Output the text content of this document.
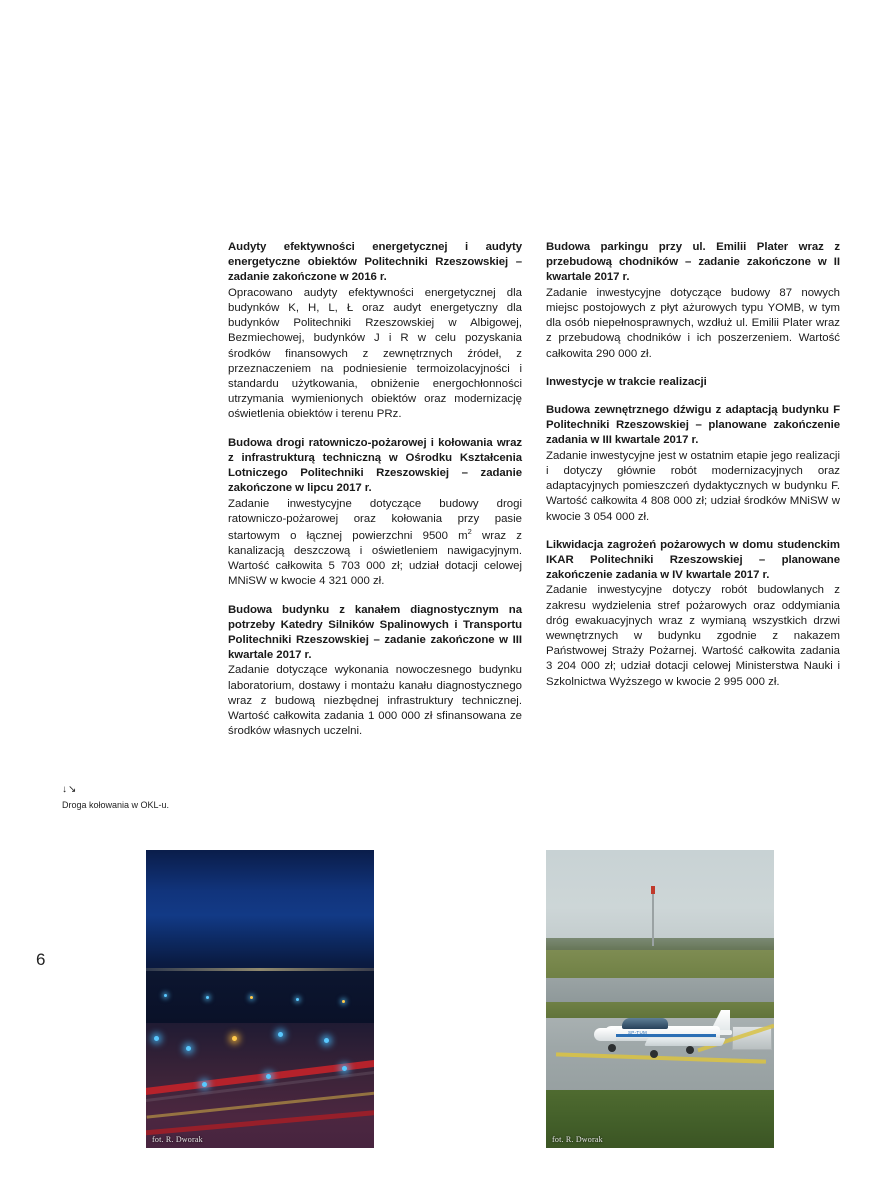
6
↓↘
Droga kołowania w OKL-u.

Audyty efektywności energetycznej i audyty energetyczne obiektów Politechniki Rzeszowskiej – zadanie zakończone w 2016 r.

Opracowano audyty efektywności energetycznej dla budynków K, H, L, Ł oraz audyt energetyczny dla budynków Politechniki Rzeszowskiej w Albigowej, Bezmiechowej, budynków J i R w celu pozyskania środków finansowych z zewnętrznych źródeł, z przeznaczeniem na podniesienie termoizolacyjności i standardu użytkowania, obniżenie energochłonności utrzymania wymienionych obiektów oraz modernizację oświetlenia obiektów i terenu PRz.

Budowa drogi ratowniczo-pożarowej i kołowania wraz z infrastrukturą techniczną w Ośrodku Kształcenia Lotniczego Politechniki Rzeszowskiej – zadanie zakończone w lipcu 2017 r.

Zadanie inwestycyjne dotyczące budowy drogi ratowniczo-pożarowej oraz kołowania przy pasie startowym o łącznej powierzchni 9500 $m^2$ wraz z kanalizacją deszczową i oświetleniem nawigacyjnym. Wartość całkowita 5 703 000 zł; udział dotacji celowej MNiSW w kwocie 4 321 000 zł.

Budowa budynku z kanałem diagnostycznym na potrzeby Katedry Silników Spalinowych i Transportu Politechniki Rzeszowskiej – zadanie zakończone w III kwartale 2017 r.

Zadanie dotyczące wykonania nowoczesnego budynku laboratorium, dostawy i montażu kanału diagnostycznego wraz z budową niezbędnej infrastruktury technicznej. Wartość całkowita zadania 1 000 000 zł sfinansowana ze środków własnych uczelni.

Budowa parkingu przy ul. Emilii Plater wraz z przebudową chodników – zadanie zakończone w II kwartale 2017 r.

Zadanie inwestycyjne dotyczące budowy 87 nowych miejsc postojowych z płyt ażurowych typu YOMB, w tym dla osób niepełnosprawnych, wzdłuż ul. Emilii Plater wraz z przebudową chodników i ich poszerzeniem. Wartość całkowita 290 000 zł.

Inwestycje w trakcie realizacji

Budowa zewnętrznego dźwigu z adaptacją budynku F Politechniki Rzeszowskiej – planowane zakończenie zadania w III kwartale 2017 r.

Zadanie inwestycyjne jest w ostatnim etapie jego realizacji i dotyczy głównie robót modernizacyjnych oraz adaptacyjnych pomieszczeń dydaktycznych w budynku F. Wartość całkowita 4 808 000 zł; udział środków MNiSW w kwocie 3 054 000 zł.

Likwidacja zagrożeń pożarowych w domu studenckim IKAR Politechniki Rzeszowskiej – planowane zakończenie zadania w IV kwartale 2017 r.

Zadanie inwestycyjne dotyczy robót budowlanych z zakresu wydzielenia stref pożarowych oraz oddymiania dróg ewakuacyjnych wraz z wymianą wszystkich drzwi wewnętrznych w budynku zgodnie z nakazem Państwowej Straży Pożarnej. Wartość całkowita zadania 3 204 000 zł; udział dotacji celowej Ministerstwa Nauki i Szkolnictwa Wyższego w kwocie 2 995 000 zł.

fot. R. Dworak
SP-TUM
fot. R. Dworak
